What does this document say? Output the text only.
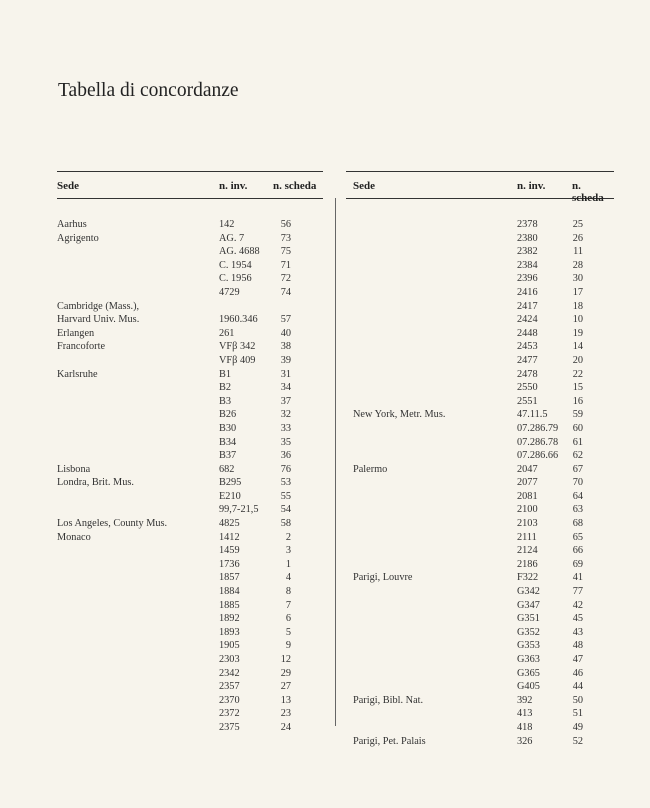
Tabella di concordanze
Sede	n. inv. n. scheda
Aarhus	142	56
Agrigento	AG. 7	73
AG. 4688	75
C. 1954	71
C. 1956	72
4729	74
Cambridge (Mass.),
Harvard Univ. Mus.	1960.346	57
Erlangen	261	40
Francoforte	VFβ 342	38
VFβ 409	39
Karlsruhe	B1	31
B2	34
B3	37
B26	32
B30	33
B34	35
B37	36
Lisbona	682	76
Londra, Brit. Mus.	B295	53
E210	55
99,7-21,5	54
Los Angeles, County Mus.	4825	58
Monaco	1412	2
1459	3
1736	1
1857	4
1884	8
1885	7
1892	6
1893	5
1905	9
2303	12
2342	29
2357	27
2370	13
2372	23
2375	24
Sede	n. inv. n. scheda
2378	25
2380	26
2382	11
2384	28
2396	30
2416	17
2417	18
2424	10
2448	19
2453	14
2477	20
2478	22
2550	15
2551	16
New York, Metr. Mus.	47.11.5 59
07.286.79 60
07.286.78 61
07.286.66 62
Palermo	2047	67
2077	70
2081	64
2100	63
2103	68
2111	65
2124	66
2186	69
Parigi, Louvre	F322	41
G342	77
G347	42
G351	45
G352	43
G353	48
G363	47
G365	46
G405	44
Parigi, Bibl. Nat.	392	50
413	51
418	49
Parigi, Pet. Palais	326	52
